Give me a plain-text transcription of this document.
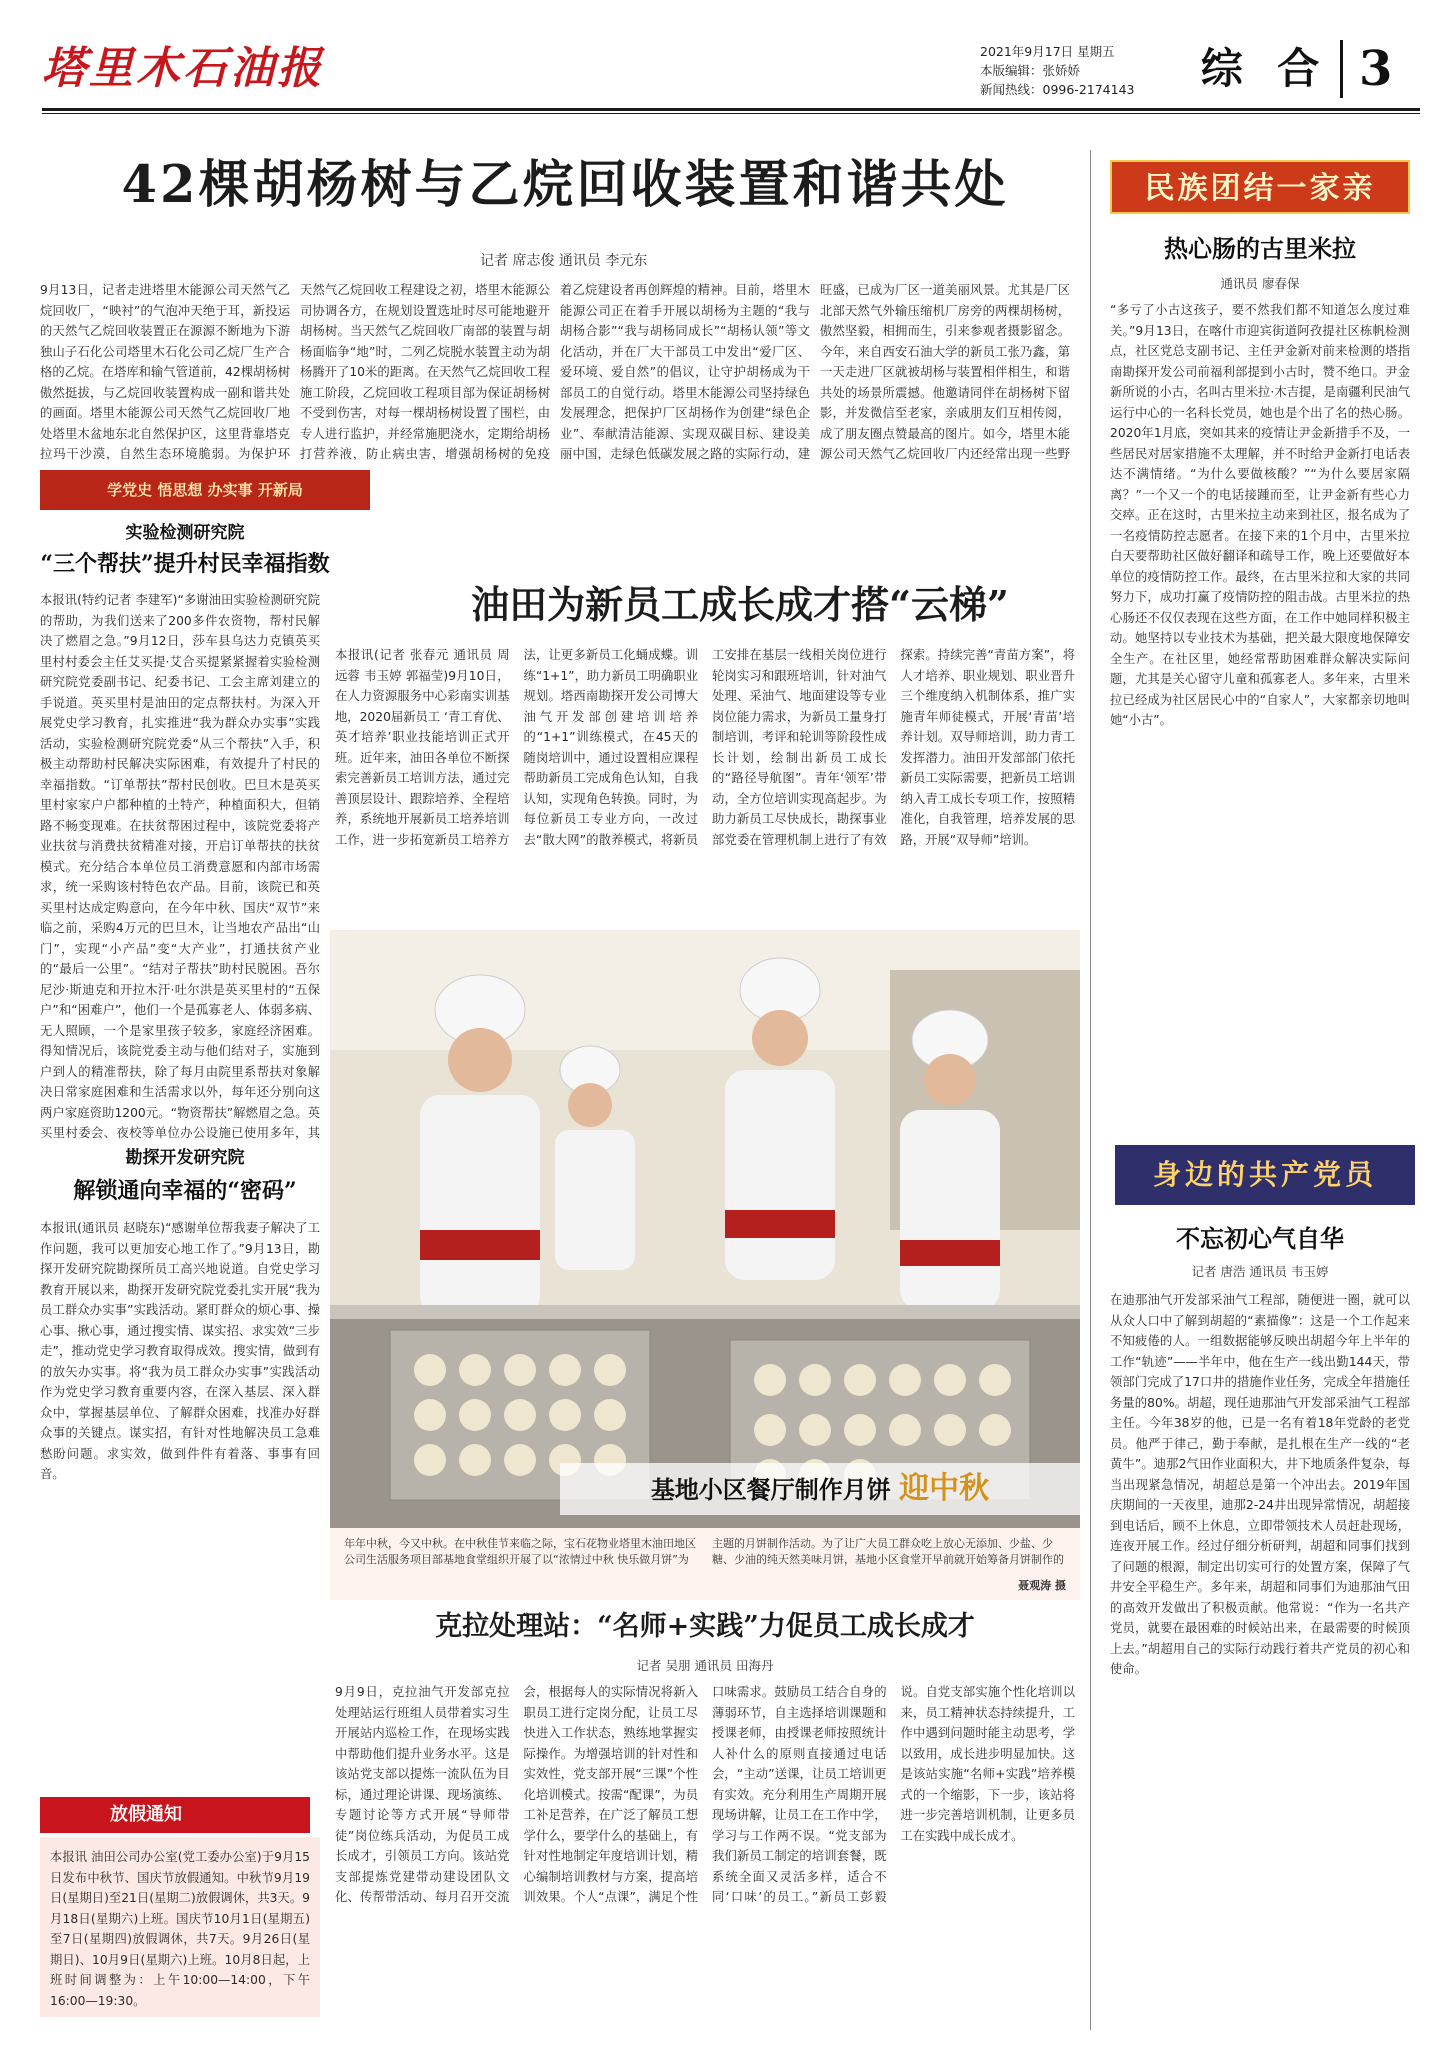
塔里木石油报	2021年9月17日 星期五
本版编辑：张娇娇
新闻热线：0996-2174143	综 合 3
42棵胡杨树与乙烷回收装置和谐共处
记者 席志俊 通讯员 李元东
9月13日，记者走进塔里木能源公司天然气乙烷回收厂，“映衬”的气泡冲天绝于耳，新投运的天然气乙烷回收装置正在源源不断地为下游独山子石化公司塔里木石化公司乙烷厂生产合格的乙烷。在塔库和输气管道前，42棵胡杨树傲然挺拔，与乙烷回收装置构成一副和谐共处的画面。塔里木能源公司天然气乙烷回收厂地处塔里木盆地东北自然保护区，这里背靠塔克拉玛干沙漠，自然生态环境脆弱。为保护环
天然气乙烷回收工程建设之初，塔里木能源公司协调各方，在规划设置选址时尽可能地避开胡杨树。当天然气乙烷回收厂南部的装置与胡杨面临争“地”时，二列乙烷脱水装置主动为胡杨腾开了10米的距离。在天然气乙烷回收工程施工阶段，乙烷回收工程项目部为保证胡杨树不受到伤害，对每一棵胡杨树设置了围栏，由专人进行监护，并经常施肥浇水，定期给胡杨打营养液，防止病虫害，增强胡杨树的免疫
着乙烷建设者再创辉煌的精神。目前，塔里木能源公司正在着手开展以胡杨为主题的“我与胡杨合影”“我与胡杨同成长”“胡杨认领”等文化活动，并在厂大干部员工中发出“爱厂区、爱环境、爱自然”的倡议，让守护胡杨成为干部员工的自觉行动。塔里木能源公司坚持绿色发展理念，把保护厂区胡杨作为创建“绿色企业”、奉献清洁能源、实现双碳目标、建设美丽中国，走绿色低碳发展之路的实际行动，建
旺盛，已成为厂区一道美丽风景。尤其是厂区北部天然气外输压缩机厂房旁的两棵胡杨树，傲然坚毅，相拥而生，引来参观者摄影留念。今年，来自西安石油大学的新员工张乃鑫，第一天走进厂区就被胡杨与装置相伴相生，和谐共处的场景所震撼。他邀请同伴在胡杨树下留影，并发微信至老家，亲戚朋友们互相传阅，成了朋友圈点赞最高的图片。如今，塔里木能源公司天然气乙烷回收厂内还经常出现一些野
学党史 悟思想 办实事 开新局
实验检测研究院
“三个帮扶”提升村民幸福指数
本报讯(特约记者 李建军)“多谢油田实验检测研究院的帮助，为我们送来了200多件农资物，帮村民解决了燃眉之急。”9月12日，莎车县乌达力克镇英买里村村委会主任艾买提·艾合买提紧紧握着实验检测研究院党委副书记、纪委书记、工会主席刘建立的手说道。英买里村是油田的定点帮扶村。为深入开展党史学习教育，扎实推进“我为群众办实事”实践活动，实验检测研究院党委“从三个帮扶”入手，积极主动帮助村民解决实际困难，有效提升了村民的幸福指数。“订单帮扶”帮村民创收。巴旦木是英买里村家家户户都种植的土特产，种植面积大，但销路不畅变现难。在扶贫帮困过程中，该院党委将产业扶贫与消费扶贫精准对接，开启订单帮扶的扶贫模式。充分结合本单位员工消费意愿和内部市场需求，统一采购该村特色农产品。目前，该院已和英买里村达成定购意向，在今年中秋、国庆“双节”来临之前，采购4万元的巴旦木，让当地农产品出“山门”，实现“小产品”变“大产业”，打通扶贫产业的“最后一公里”。“结对子帮扶”助村民脱困。吾尔尼沙·斯迪克和开拉木汗·吐尔洪是英买里村的“五保户”和“困难户”，他们一个是孤寡老人、体弱多病、无人照顾，一个是家里孩子较多，家庭经济困难。得知情况后，该院党委主动与他们结对子，实施到户到人的精准帮扶，除了每月由院里系帮扶对象解决日常家庭困难和生活需求以外，每年还分别向这两户家庭资助1200元。“物资帮扶”解燃眉之急。英买里村委会、夜校等单位办公设施已使用多年，其
勘探开发研究院
解锁通向幸福的“密码”
本报讯(通讯员 赵晓东)“感谢单位帮我妻子解决了工作问题，我可以更加安心地工作了。”9月13日，勘探开发研究院勘探所员工高兴地说道。自党史学习教育开展以来，勘探开发研究院党委扎实开展“我为员工群众办实事”实践活动。紧盯群众的烦心事、操心事、揪心事，通过搜实情、谋实招、求实效“三步走”，推动党史学习教育取得成效。搜实情，做到有的放矢办实事。将“我为员工群众办实事”实践活动作为党史学习教育重要内容，在深入基层、深入群众中，掌握基层单位、了解群众困难，找准办好群众事的关键点。谋实招，有针对性地解决员工急难愁盼问题。求实效，做到件件有着落、事事有回音。
放假通知
本报讯 油田公司办公室(党工委办公室)于9月15日发布中秋节、国庆节放假通知。中秋节9月19日(星期日)至21日(星期二)放假调休，共3天。9月18日(星期六)上班。国庆节10月1日(星期五)至7日(星期四)放假调休，共7天。9月26日(星期日)、10月9日(星期六)上班。10月8日起，上班时间调整为：上午10:00—14:00，下午16:00—19:30。
油田为新员工成长成才搭“云梯”
本报讯(记者 张春元 通讯员 周远蓉 韦玉婷 郭福莹)9月10日，在人力资源服务中心彩南实训基地，2020届新员工 ‘青工育优、英才培养’职业技能培训正式开班。近年来，油田各单位不断探索完善新员工培训方法，通过完善顶层设计、跟踪培养、全程培养，系统地开展新员工培养培训工作，进一步拓宽新员工培养方法，让更多新员工化蛹成蝶。训练“1+1”，助力新员工明确职业规划。塔西南勘探开发公司博大油气开发部创建培训培养的“1+1”训练模式，在45天的随岗培训中，通过设置相应课程帮助新员工完成角色认知，自我认知，实现角色转换。同时，为每位新员工专业方向，一改过去“散大网”的散养模式，将新员工安排在基层一线相关岗位进行轮岗实习和跟班培训，针对油气处理、采油气、地面建设等专业岗位能力需求，为新员工量身打制培训，考评和轮训等阶段性成长计划，绘制出新员工成长的“路径导航图”。青年‘领军’带动，全方位培训实现高起步。为助力新员工尽快成长，勘探事业部党委在管理机制上进行了有效探索。持续完善“青苗方案”，将人才培养、职业规划、职业晋升三个维度纳入机制体系，推广实施青年师徒模式，开展‘青苗’培养计划。双导师培训，助力青工发挥潜力。油田开发部部门依托新员工实际需要，把新员工培训纳入青工成长专项工作，按照精准化，自我管理，培养发展的思路，开展“双导师”培训。
基地小区餐厅制作月饼 迎中秋
年年中秋，今又中秋。在中秋佳节来临之际，宝石花物业塔里木油田地区公司生活服务项目部基地食堂组织开展了以“浓情过中秋 快乐做月饼”为主题的月饼制作活动。为了让广大员工群众吃上放心无添加、少盐、少糖、少油的纯天然美味月饼，基地小区食堂开早前就开始筹备月饼制作的
聂观涛 摄
克拉处理站：“名师+实践”力促员工成长成才
记者 吴朋 通讯员 田海丹
9月9日，克拉油气开发部克拉处理站运行班组人员带着实习生开展站内巡检工作，在现场实践中帮助他们提升业务水平。这是该站党支部以提炼一流队伍为目标，通过理论讲课、现场演练、专题讨论等方式开展“导师带徒”岗位练兵活动，为促员工成长成才，引领员工方向。该站党支部提炼党建带动建设团队文化、传帮带活动、每月召开交流会，根据每人的实际情况将新入职员工进行定岗分配，让员工尽快进入工作状态，熟练地掌握实际操作。为增强培训的针对性和实效性，党支部开展“三课”个性化培训模式。按需“配课”，为员工补足营养，在广泛了解员工想学什么，要学什么的基础上，有针对性地制定年度培训计划，精心编制培训教材与方案，提高培训效果。个人“点课”，满足个性口味需求。鼓励员工结合自身的薄弱环节，自主选择培训课题和授课老师，由授课老师按照统计人补什么的原则直接通过电话会，“主动”送课，让员工培训更有实效。充分利用生产周期开展现场讲解，让员工在工作中学，学习与工作两不误。“党支部为我们新员工制定的培训套餐，既系统全面又灵活多样，适合不同‘口味’的员工。”新员工彭毅说。自党支部实施个性化培训以来，员工精神状态持续提升，工作中遇到问题时能主动思考，学以致用，成长进步明显加快。这是该站实施“名师+实践”培养模式的一个缩影，下一步，该站将进一步完善培训机制，让更多员工在实践中成长成才。
民族团结一家亲
热心肠的古里米拉
通讯员 廖春保
“多亏了小古这孩子，要不然我们都不知道怎么度过难关。”9月13日，在喀什市迎宾街道阿孜提社区栋帆检测点，社区党总支副书记、主任尹金新对前来检测的塔指南勘探开发公司前福利部提到小古时，赞不绝口。尹金新所说的小古，名叫古里米拉·木吉提，是南疆利民油气运行中心的一名科长党员，她也是个出了名的热心肠。2020年1月底，突如其来的疫情让尹金新措手不及，一些居民对居家措施不太理解，并不时给尹金新打电话表达不满情绪。“为什么要做核酸？”“为什么要居家隔离？”一个又一个的电话接踵而至，让尹金新有些心力交瘁。正在这时，古里米拉主动来到社区，报名成为了一名疫情防控志愿者。在接下来的1个月中，古里米拉白天要帮助社区做好翻译和疏导工作，晚上还要做好本单位的疫情防控工作。最终，在古里米拉和大家的共同努力下，成功打赢了疫情防控的阻击战。古里米拉的热心肠还不仅仅表现在这些方面，在工作中她同样积极主动。她坚持以专业技术为基础，把关最大限度地保障安全生产。在社区里，她经常帮助困难群众解决实际问题，尤其是关心留守儿童和孤寡老人。多年来，古里米拉已经成为社区居民心中的“自家人”，大家都亲切地叫她“小古”。
身边的共产党员
不忘初心气自华
记者 唐浩 通讯员 韦玉婷
在迪那油气开发部采油气工程部，随便进一圈，就可以从众人口中了解到胡超的“素描像”：这是一个工作起来不知疲倦的人。一组数据能够反映出胡超今年上半年的工作“轨迹”——半年中，他在生产一线出勤144天，带领部门完成了17口井的措施作业任务，完成全年措施任务量的80%。胡超，现任迪那油气开发部采油气工程部主任。今年38岁的他，已是一名有着18年党龄的老党员。他严于律己，勤于奉献，是扎根在生产一线的“老黄牛”。迪那2气田作业面积大，井下地质条件复杂，每当出现紧急情况，胡超总是第一个冲出去。2019年国庆期间的一天夜里，迪那2-24井出现异常情况，胡超接到电话后，顾不上休息，立即带领技术人员赶赴现场，连夜开展工作。经过仔细分析研判，胡超和同事们找到了问题的根源，制定出切实可行的处置方案，保障了气井安全平稳生产。多年来，胡超和同事们为迪那油气田的高效开发做出了积极贡献。他常说：“作为一名共产党员，就要在最困难的时候站出来，在最需要的时候顶上去。”胡超用自己的实际行动践行着共产党员的初心和使命。
